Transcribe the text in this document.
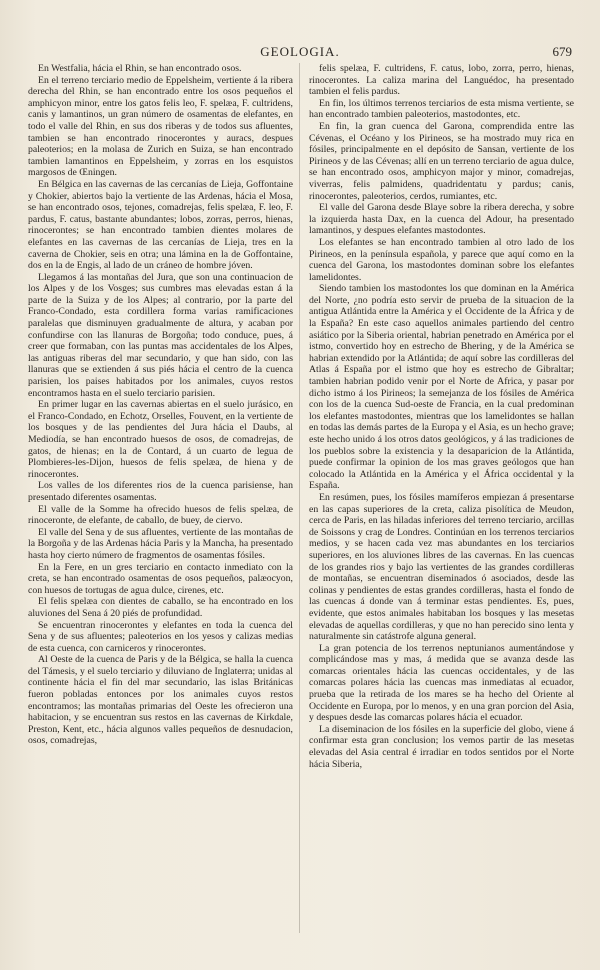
GEOLOGIA.	679

En Westfalia, hácia el Rhin, se han encontrado osos.

En el terreno terciario medio de Eppelsheim, vertiente á la ribera derecha del Rhin, se han encontrado entre los osos pequeños el amphicyon minor, entre los gatos felis leo, F. spelæa, F. cultridens, canis y lamantinos, un gran número de osamentas de elefantes, en todo el valle del Rhin, en sus dos riberas y de todos sus afluentes, tambien se han encontrado rinocerontes y auracs, despues paleoterios; en la molasa de Zurich en Suiza, se han encontrado tambien lamantinos en Eppelsheim, y zorras en los esquistos margosos de Œningen.

En Bélgica en las cavernas de las cercanías de Lieja, Goffontaine y Chokier, abiertos bajo la vertiente de las Ardenas, hácia el Mosa, se han encontrado osos, tejones, comadrejas, felis spelæa, F. leo, F. pardus, F. catus, bastante abundantes; lobos, zorras, perros, hienas, rinocerontes; se han encontrado tambien dientes molares de elefantes en las cavernas de las cercanías de Lieja, tres en la caverna de Chokier, seis en otra; una lámina en la de Goffontaine, dos en la de Engis, al lado de un cráneo de hombre jóven.

Llegamos á las montañas del Jura, que son una continuacion de los Alpes y de los Vosges; sus cumbres mas elevadas estan á la parte de la Suiza y de los Alpes; al contrario, por la parte del Franco-Condado, esta cordillera forma varias ramificaciones paralelas que disminuyen gradualmente de altura, y acaban por confundirse con las llanuras de Borgoña; todo conduce, pues, á creer que formaban, con las puntas mas accidentales de los Alpes, las antiguas riberas del mar secundario, y que han sido, con las llanuras que se extienden á sus piés hácia el centro de la cuenca parisien, los paises habitados por los animales, cuyos restos encontramos hasta en el suelo terciario parisien.

En primer lugar en las cavernas abiertas en el suelo jurásico, en el Franco-Condado, en Echotz, Orselles, Fouvent, en la vertiente de los bosques y de las pendientes del Jura hácia el Daubs, al Mediodía, se han encontrado huesos de osos, de comadrejas, de gatos, de hienas; en la de Contard, á un cuarto de legua de Plombieres-les-Dijon, huesos de felis spelæa, de hiena y de rinocerontes.

Los valles de los diferentes rios de la cuenca parisiense, han presentado diferentes osamentas.

El valle de la Somme ha ofrecido huesos de felis spelæa, de rinoceronte, de elefante, de caballo, de buey, de ciervo.

El valle del Sena y de sus afluentes, vertiente de las montañas de la Borgoña y de las Ardenas hácia Paris y la Mancha, ha presentado hasta hoy cierto número de fragmentos de osamentas fósiles.

En la Fere, en un gres terciario en contacto inmediato con la creta, se han encontrado osamentas de osos pequeños, palæocyon, con huesos de tortugas de agua dulce, cirenes, etc.

El felis spelæa con dientes de caballo, se ha encontrado en los aluviones del Sena á 20 piés de profundidad.

Se encuentran rinocerontes y elefantes en toda la cuenca del Sena y de sus afluentes; paleoterios en los yesos y calizas medias de esta cuenca, con carniceros y rinocerontes.

Al Oeste de la cuenca de Paris y de la Bélgica, se halla la cuenca del Támesis, y el suelo terciario y diluviano de Inglaterra; unidas al continente hácia el fin del mar secundario, las islas Británicas fueron pobladas entonces por los animales cuyos restos encontramos; las montañas primarias del Oeste les ofrecieron una habitacion, y se encuentran sus restos en las cavernas de Kirkdale, Preston, Kent, etc., hácia algunos valles pequeños de desnudacion, osos, comadrejas,

felis spelæa, F. cultridens, F. catus, lobo, zorra, perro, hienas, rinocerontes. La caliza marina del Languédoc, ha presentado tambien el felis pardus.

En fin, los últimos terrenos terciarios de esta misma vertiente, se han encontrado tambien paleoterios, mastodontes, etc.

En fin, la gran cuenca del Garona, comprendida entre las Cévenas, el Océano y los Pirineos, se ha mostrado muy rica en fósiles, principalmente en el depósito de Sansan, vertiente de los Pirineos y de las Cévenas; allí en un terreno terciario de agua dulce, se han encontrado osos, amphicyon major y minor, comadrejas, viverras, felis palmidens, quadridentatu y pardus; canis, rinocerontes, paleoterios, cerdos, rumiantes, etc.

El valle del Garona desde Blaye sobre la ribera derecha, y sobre la izquierda hasta Dax, en la cuenca del Adour, ha presentado lamantinos, y despues elefantes mastodontes.

Los elefantes se han encontrado tambien al otro lado de los Pirineos, en la península española, y parece que aquí como en la cuenca del Garona, los mastodontes dominan sobre los elefantes lamelidontes.

Siendo tambien los mastodontes los que dominan en la América del Norte, ¿no podría esto servir de prueba de la situacion de la antigua Atlántida entre la América y el Occidente de la África y de la España? En este caso aquellos animales partiendo del centro asiático por la Siberia oriental, habrian penetrado en América por el istmo, convertido hoy en estrecho de Bhering, y de la América se habrian extendido por la Atlántida; de aquí sobre las cordilleras del Atlas á España por el istmo que hoy es estrecho de Gibraltar; tambien habrian podido venir por el Norte de Africa, y pasar por dicho istmo á los Pirineos; la semejanza de los fósiles de América con los de la cuenca Sud-oeste de Francia, en la cual predominan los elefantes mastodontes, mientras que los lamelidontes se hallan en todas las demás partes de la Europa y el Asia, es un hecho grave; este hecho unido á los otros datos geológicos, y á las tradiciones de los pueblos sobre la existencia y la desaparicion de la Atlántida, puede confirmar la opinion de los mas graves geólogos que han colocado la Atlántida en la América y el África occidental y la España.

En resúmen, pues, los fósiles mamíferos empiezan á presentarse en las capas superiores de la creta, caliza pisolítica de Meudon, cerca de Paris, en las hiladas inferiores del terreno terciario, arcillas de Soissons y crag de Londres. Continúan en los terrenos terciarios medios, y se hacen cada vez mas abundantes en los terciarios superiores, en los aluviones libres de las cavernas. En las cuencas de los grandes rios y bajo las vertientes de las grandes cordilleras de montañas, se encuentran diseminados ó asociados, desde las colinas y pendientes de estas grandes cordilleras, hasta el fondo de las cuencas á donde van á terminar estas pendientes. Es, pues, evidente, que estos animales habitaban los bosques y las mesetas elevadas de aquellas cordilleras, y que no han perecido sino lenta y naturalmente sin catástrofe alguna general.

La gran potencia de los terrenos neptunianos aumentándose y complicándose mas y mas, á medida que se avanza desde las comarcas orientales hácia las cuencas occidentales, y de las comarcas polares hácia las cuencas mas inmediatas al ecuador, prueba que la retirada de los mares se ha hecho del Oriente al Occidente en Europa, por lo menos, y en una gran porcion del Asia, y despues desde las comarcas polares hácia el ecuador.

La diseminacion de los fósiles en la superficie del globo, viene á confirmar esta gran conclusion; los vemos partir de las mesetas elevadas del Asia central é irradiar en todos sentidos por el Norte hácia Siberia,
